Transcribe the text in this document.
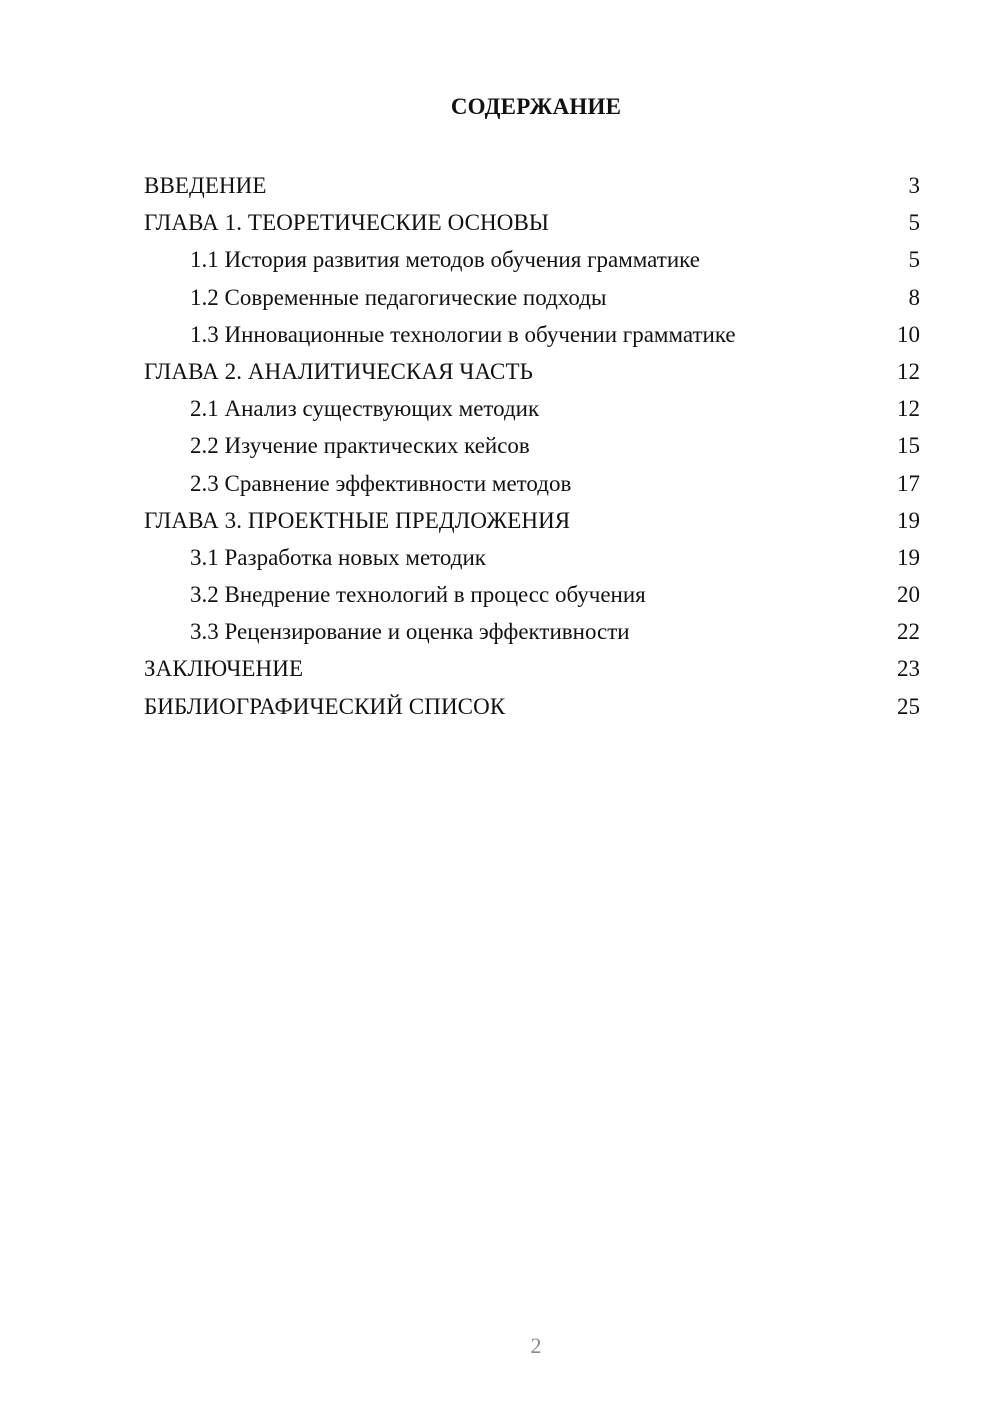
СОДЕРЖАНИЕ
ВВЕДЕНИЕ	3
ГЛАВА 1. ТЕОРЕТИЧЕСКИЕ ОСНОВЫ	5
1.1 История развития методов обучения грамматике	5
1.2 Современные педагогические подходы	8
1.3 Инновационные технологии в обучении грамматике	10
ГЛАВА 2. АНАЛИТИЧЕСКАЯ ЧАСТЬ	12
2.1 Анализ существующих методик	12
2.2 Изучение практических кейсов	15
2.3 Сравнение эффективности методов	17
ГЛАВА 3. ПРОЕКТНЫЕ ПРЕДЛОЖЕНИЯ	19
3.1 Разработка новых методик	19
3.2 Внедрение технологий в процесс обучения	20
3.3 Рецензирование и оценка эффективности	22
ЗАКЛЮЧЕНИЕ	23
БИБЛИОГРАФИЧЕСКИЙ СПИСОК	25
2
